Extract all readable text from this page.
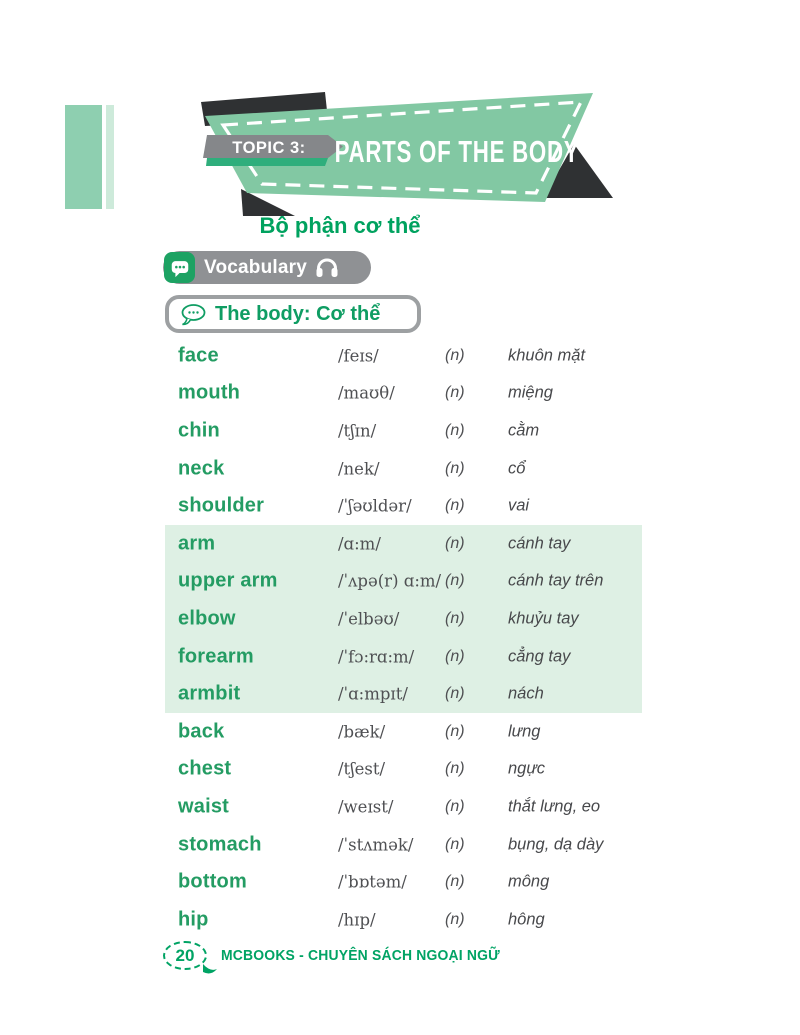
TOPIC 3: PARTS OF THE BODY
Bộ phận cơ thể
Vocabulary
The body: Cơ thể
face	/feɪs/	(n)	khuôn mặt
mouth	/maʊθ/	(n)	miệng
chin	/tʃɪn/	(n)	cằm
neck	/nek/	(n)	cổ
shoulder	/ˈʃəʊldər/ (n)	vai
arm	/ɑ:m/	(n)	cánh tay
upper arm	/ˈʌpə(r) ɑ:m/ (n)	cánh tay trên
elbow	/ˈelbəʊ/	(n)	khuỷu tay
forearm	/ˈfɔ:rɑ:m/ (n)	cẳng tay
armbit	/ˈɑ:mpɪt/ (n)	nách
back	/bæk/	(n)	lưng
chest	/tʃest/	(n)	ngực
waist	/weɪst/	(n)	thắt lưng, eo
stomach	/ˈstʌmək/ (n)	bụng, dạ dày
bottom	/ˈbɒtəm/ (n)	mông
hip	/hɪp/	(n)	hông
20 MCBOOKS - CHUYÊN SÁCH NGOẠI NGỮ
